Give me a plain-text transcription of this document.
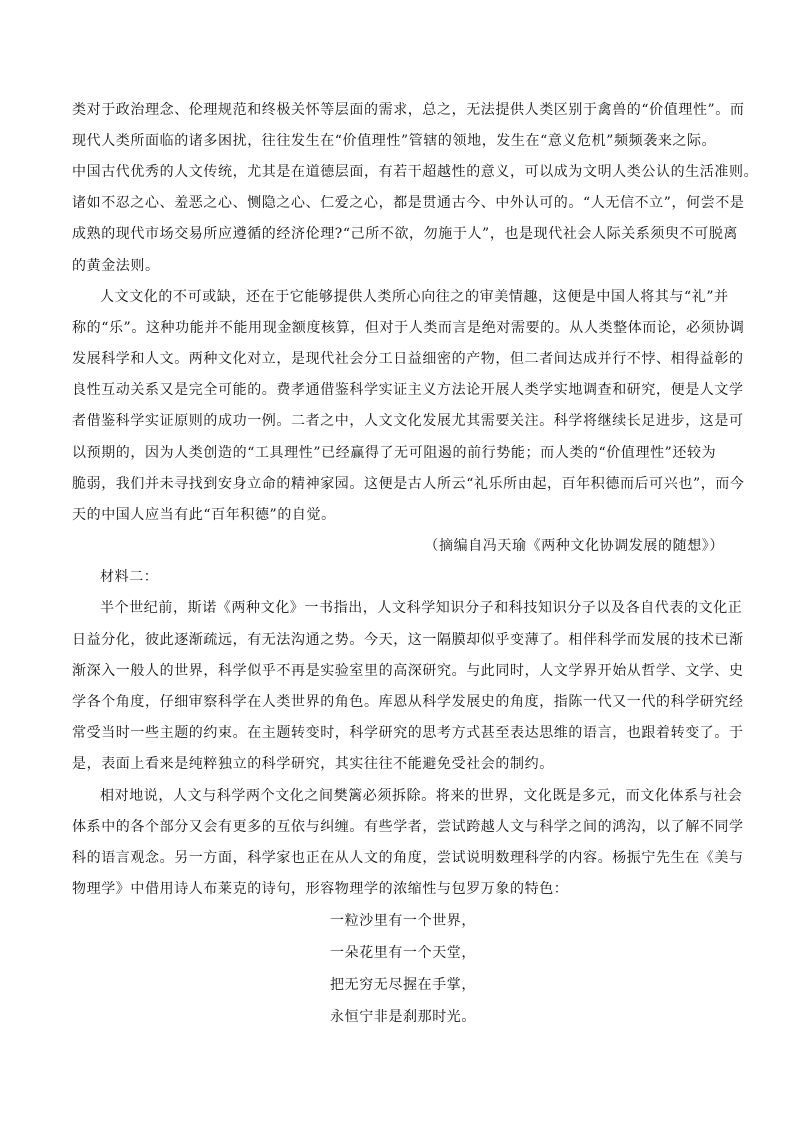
类对于政治理念、伦理规范和终极关怀等层面的需求，总之，无法提供人类区别于禽兽的“价值理性”。而
现代人类所面临的诸多困扰，往往发生在“价值理性”管辖的领地，发生在“意义危机”频频袭来之际。
中国古代优秀的人文传统，尤其是在道德层面，有若干超越性的意义，可以成为文明人类公认的生活准则。
诸如不忍之心、羞恶之心、恻隐之心、仁爱之心，都是贯通古今、中外认可的。“人无信不立”，何尝不是
成熟的现代市场交易所应遵循的经济伦理?“己所不欲，勿施于人”，也是现代社会人际关系须臾不可脱离
的黄金法则。
人文文化的不可或缺，还在于它能够提供人类所心向往之的审美情趣，这便是中国人将其与“礼”并
称的“乐”。这种功能并不能用现金额度核算，但对于人类而言是绝对需要的。从人类整体而论，必须协调
发展科学和人文。两种文化对立，是现代社会分工日益细密的产物，但二者间达成并行不悖、相得益彰的
良性互动关系又是完全可能的。费孝通借鉴科学实证主义方法论开展人类学实地调查和研究，便是人文学
者借鉴科学实证原则的成功一例。二者之中，人文文化发展尤其需要关注。科学将继续长足进步，这是可
以预期的，因为人类创造的“工具理性”已经赢得了无可阻遏的前行势能；而人类的“价值理性”还较为
脆弱，我们并未寻找到安身立命的精神家园。这便是古人所云“礼乐所由起，百年积德而后可兴也”，而今
天的中国人应当有此“百年积德”的自觉。
（摘编自冯天瑜《两种文化协调发展的随想》）
材料二：
半个世纪前，斯诺《两种文化》一书指出，人文科学知识分子和科技知识分子以及各自代表的文化正
日益分化，彼此逐渐疏远，有无法沟通之势。今天，这一隔膜却似乎变薄了。相伴科学而发展的技术已渐
渐深入一般人的世界，科学似乎不再是实验室里的高深研究。与此同时，人文学界开始从哲学、文学、史
学各个角度，仔细审察科学在人类世界的角色。库恩从科学发展史的角度，指陈一代又一代的科学研究经
常受当时一些主题的约束。在主题转变时，科学研究的思考方式甚至表达思维的语言，也跟着转变了。于
是，表面上看来是纯粹独立的科学研究，其实往往不能避免受社会的制约。
相对地说，人文与科学两个文化之间樊篱必须拆除。将来的世界，文化既是多元，而文化体系与社会
体系中的各个部分又会有更多的互依与纠缠。有些学者，尝试跨越人文与科学之间的鸿沟，以了解不同学
科的语言观念。另一方面，科学家也正在从人文的角度，尝试说明数理科学的内容。杨振宁先生在《美与
物理学》中借用诗人布莱克的诗句，形容物理学的浓缩性与包罗万象的特色：
一粒沙里有一个世界，
一朵花里有一个天堂，
把无穷无尽握在手掌，
永恒宁非是刹那时光。
